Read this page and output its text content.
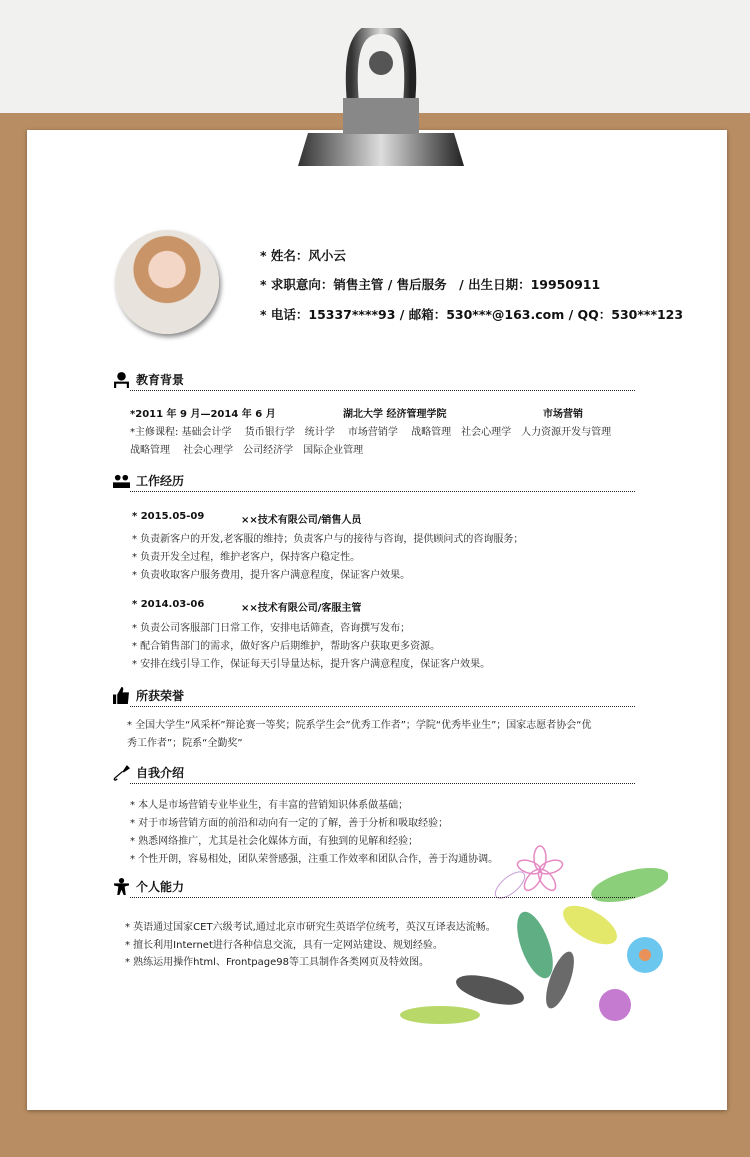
* 姓名：风小云
* 求职意向：销售主管 / 售后服务　/ 出生日期：19950911
* 电话：15337****93 / 邮箱：530***@163.com / QQ：530***123
教育背景
*2011 年 9 月—2014 年 6 月	湖北大学 经济管理学院	市场营销
*主修课程: 基础会计学　 货币银行学　统计学　 市场营销学　 战略管理　社会心理学　人力资源开发与管理
战略管理　 社会心理学　公司经济学　国际企业管理
工作经历
* 2015.05-09	××技术有限公司/销售人员
* 负责新客户的开发,老客服的维持；负责客户与的接待与咨询，提供顾问式的咨询服务；
* 负责开发全过程，维护老客户，保持客户稳定性。
* 负责收取客户服务费用，提升客户满意程度，保证客户效果。
* 2014.03-06	××技术有限公司/客服主管
* 负责公司客服部门日常工作，安排电话筛查，咨询撰写发布；
* 配合销售部门的需求，做好客户后期维护，帮助客户获取更多资源。
* 安排在线引导工作，保证每天引导量达标，提升客户满意程度，保证客户效果。
所获荣誉
* 全国大学生“风采杯”辩论赛一等奖；院系学生会”优秀工作者”；学院“优秀毕业生”；国家志愿者协会“优
秀工作者”；院系“全勤奖”
自我介绍
* 本人是市场营销专业毕业生，有丰富的营销知识体系做基础；
* 对于市场营销方面的前沿和动向有一定的了解，善于分析和吸取经验；
* 熟悉网络推广，尤其是社会化媒体方面，有独到的见解和经验；
* 个性开朗，容易相处，团队荣誉感强，注重工作效率和团队合作，善于沟通协调。
个人能力
* 英语通过国家CET六级考试,通过北京市研究生英语学位统考，英汉互译表达流畅。
* 擅长利用Internet进行各种信息交流，具有一定网站建设、规划经验。
* 熟练运用操作html、Frontpage98等工具制作各类网页及特效图。
